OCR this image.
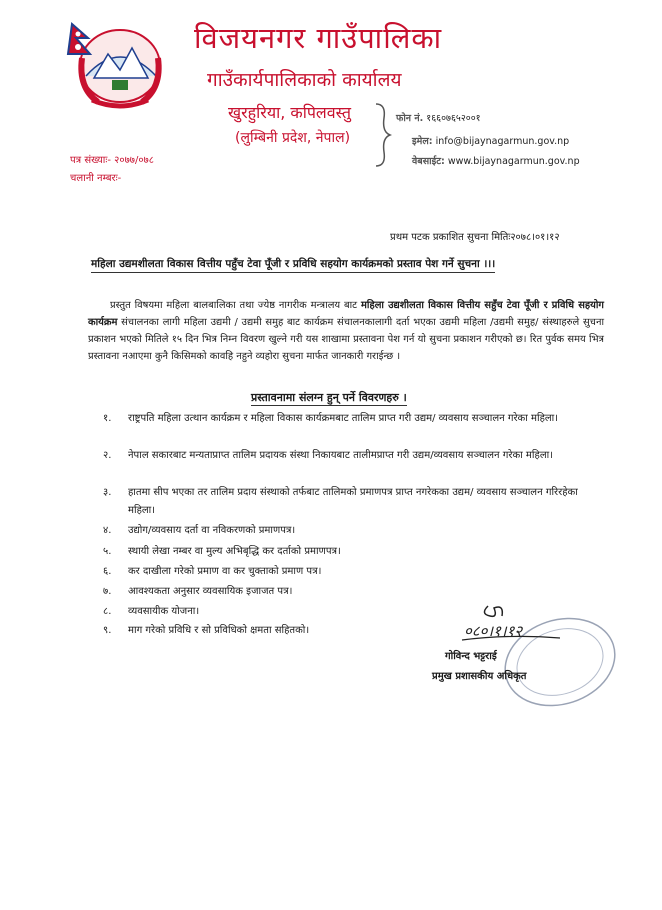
विजयनगर गाउँपालिका
गाउँकार्यपालिकाको कार्यालय
खुरहुरिया, कपिलवस्तु
(लुम्बिनी प्रदेश, नेपाल)
फोन नं. १६६०७६५२००१
इमेल: info@bijaynagarmun.gov.np
वेबसाईट: www.bijaynagarmun.gov.np
पत्र संख्याः- २०७७/०७८
चलानी नम्बरः-
प्रथम पटक प्रकाशित सुचना मितिः२०७८।०१।१२
महिला उद्यमशीलता विकास वित्तीय पहुँच टेवा पूँजी र प्रविधि सहयोग कार्यक्रमको प्रस्ताव पेश गर्ने सुचना ।।।
प्रस्तुत विषयमा महिला बालबालिका तथा ज्येष्ठ नागरीक मन्त्रालय बाट महिला उद्यशीलता विकास वित्तीय सहुँच टेवा पूँजी र प्रविधि सहयोग कार्यक्रम संचालनका लागी महिला उद्यमी / उद्यमी समुह बाट कार्यक्रम संचालनकालागी दर्ता भएका उद्यमी महिला /उद्यमी समुह/ संस्थाहरुले सुचना प्रकाशन भएको मितिले १५ दिन भित्र निम्न विवरण खुल्ने गरी यस शाखामा प्रस्तावना पेश गर्न यो सुचना प्रकाशन गरीएको छ। रित पुर्वक समय भित्र प्रस्तावना नआएमा कुनै किसिमको कावहि नहुने व्यहोरा सुचना मार्फत जानकारी गराईन्छ ।
प्रस्तावनामा संलग्न हुन् पर्ने विवरणहरु ।
१. राष्ट्रपति महिला उत्थान कार्यक्रम र महिला विकास कार्यक्रमबाट तालिम प्राप्त गरी उद्यम/ व्यवसाय सञ्चालन गरेका महिला।
२. नेपाल सकारबाट मन्यताप्राप्त तालिम प्रदायक संस्था निकायबाट तालीमप्राप्त गरी उद्यम/व्यवसाय सञ्चालन गरेका महिला।
३. हातमा सीप भएका तर तालिम प्रदाय संस्थाको तर्फबाट तालिमको प्रमाणपत्र प्राप्त नगरेकका उद्यम/ व्यवसाय सञ्चालन गरिरहेका महिला।
४. उद्योग/व्यवसाय दर्ता वा नविकरणको प्रमाणपत्र।
५. स्थायी लेखा नम्बर वा मुल्य अभिबृद्धि कर दर्ताको प्रमाणपत्र।
६. कर दाखीला गरेको प्रमाण वा कर चुक्ताको प्रमाण पत्र।
७. आवश्यकता अनुसार व्यवसायिक इजाजत पत्र।
८. व्यवसायीक योजना।
९. माग गरेको प्रविधि र सो प्रविधिको क्षमता सहितको।	०८०।१।१२
गोविन्द भट्टराई
प्रमुख प्रशासकीय अधिकृत
